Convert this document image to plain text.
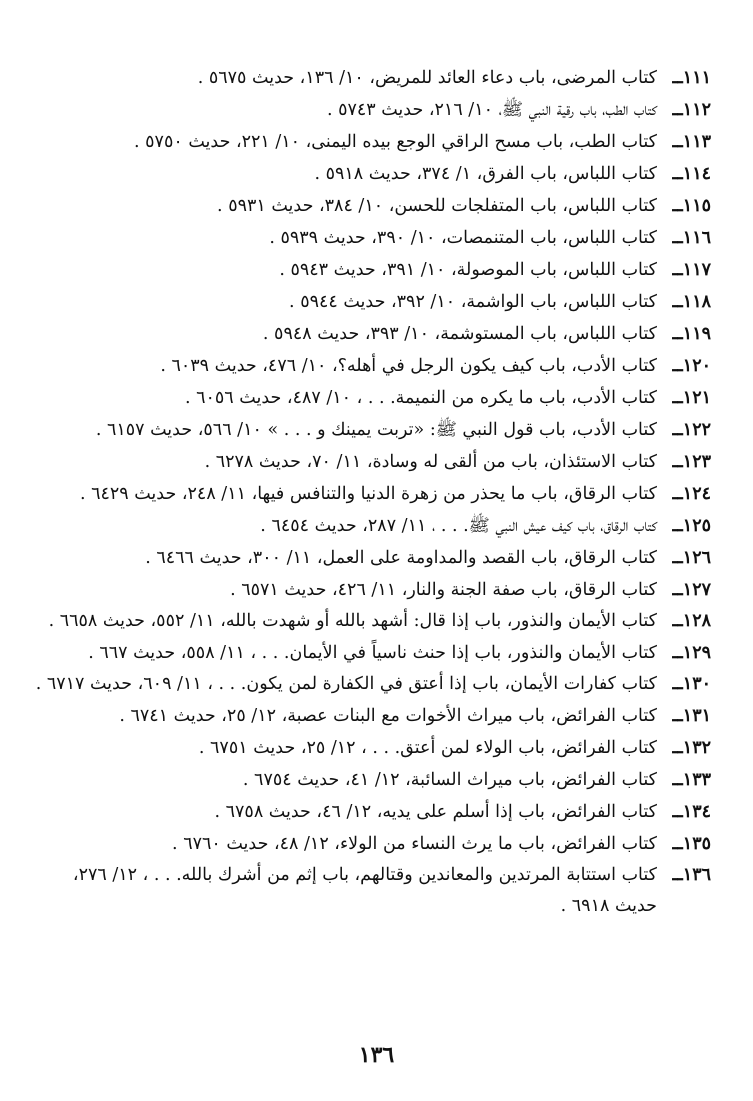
١١١ــ
كتاب المرضى، باب دعاء العائد للمريض، ١٠/ ١٣٦، حديث ٥٦٧٥ .
١١٢ــ
كتاب الطب، باب رقية النبي ﷺ، ١٠/ ٢١٦، حديث ٥٧٤٣ .
١١٣ــ
كتاب الطب، باب مسح الراقي الوجع بيده اليمنى، ١٠/ ٢٢١، حديث ٥٧٥٠ .
١١٤ــ
كتاب اللباس، باب الفرق، ١/ ٣٧٤، حديث ٥٩١٨ .
١١٥ــ
كتاب اللباس، باب المتفلجات للحسن، ١٠/ ٣٨٤، حديث ٥٩٣١ .
١١٦ــ
كتاب اللباس، باب المتنمصات، ١٠/ ٣٩٠، حديث ٥٩٣٩ .
١١٧ــ
كتاب اللباس، باب الموصولة، ١٠/ ٣٩١، حديث ٥٩٤٣ .
١١٨ــ
كتاب اللباس، باب الواشمة، ١٠/ ٣٩٢، حديث ٥٩٤٤ .
١١٩ــ
كتاب اللباس، باب المستوشمة، ١٠/ ٣٩٣، حديث ٥٩٤٨ .
١٢٠ــ
كتاب الأدب، باب كيف يكون الرجل في أهله؟، ١٠/ ٤٧٦، حديث ٦٠٣٩ .
١٢١ــ
كتاب الأدب، باب ما يكره من النميمة. . . ، ١٠/ ٤٨٧، حديث ٦٠٥٦ .
١٢٢ــ
كتاب الأدب، باب قول النبي ﷺ: «تربت يمينك و . . . » ١٠/ ٥٦٦، حديث ٦١٥٧ .
١٢٣ــ
كتاب الاستئذان، باب من ألقى له وسادة، ١١/ ٧٠، حديث ٦٢٧٨ .
١٢٤ــ
كتاب الرقاق، باب ما يحذر من زهرة الدنيا والتنافس فيها، ١١/ ٢٤٨، حديث ٦٤٢٩ .
١٢٥ــ
كتاب الرقاق، باب كيف عيش النبي ﷺ. . . ، ١١/ ٢٨٧، حديث ٦٤٥٤ .
١٢٦ــ
كتاب الرقاق، باب القصد والمداومة على العمل، ١١/ ٣٠٠، حديث ٦٤٦٦ .
١٢٧ــ
كتاب الرقاق، باب صفة الجنة والنار، ١١/ ٤٢٦، حديث ٦٥٧١ .
١٢٨ــ
كتاب الأيمان والنذور، باب إذا قال: أشهد بالله أو شهدت بالله، ١١/ ٥٥٢، حديث ٦٦٥٨ .
١٢٩ــ
كتاب الأيمان والنذور، باب إذا حنث ناسياً في الأيمان. . . ، ١١/ ٥٥٨، حديث ٦٦٧ .
١٣٠ــ
كتاب كفارات الأيمان، باب إذا أعتق في الكفارة لمن يكون. . . ، ١١/ ٦٠٩، حديث ٦٧١٧ .
١٣١ــ
كتاب الفرائض، باب ميراث الأخوات مع البنات عصبة، ١٢/ ٢٥، حديث ٦٧٤١ .
١٣٢ــ
كتاب الفرائض، باب الولاء لمن أعتق. . . ، ١٢/ ٢٥، حديث ٦٧٥١ .
١٣٣ــ
كتاب الفرائض، باب ميراث السائبة، ١٢/ ٤١، حديث ٦٧٥٤ .
١٣٤ــ
كتاب الفرائض، باب إذا أسلم على يديه، ١٢/ ٤٦، حديث ٦٧٥٨ .
١٣٥ــ
كتاب الفرائض، باب ما يرث النساء من الولاء، ١٢/ ٤٨، حديث ٦٧٦٠ .
١٣٦ــ
كتاب استتابة المرتدين والمعاندين وقتالهم، باب إثم من أشرك بالله. . . ، ١٢/ ٢٧٦، حديث ٦٩١٨ .
١٣٦
